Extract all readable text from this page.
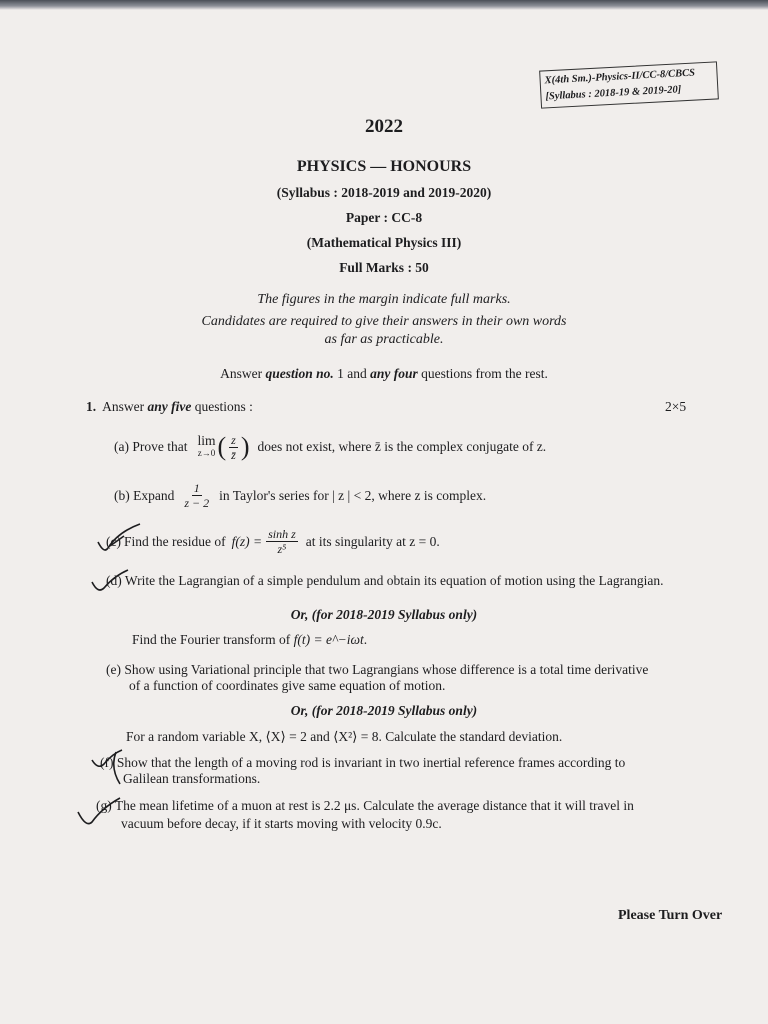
X(4th Sm.)-Physics-II/CC-8/CBCS
[Syllabus : 2018-19 & 2019-20]
2022
PHYSICS — HONOURS
(Syllabus : 2018-2019 and 2019-2020)
Paper : CC-8
(Mathematical Physics III)
Full Marks : 50
The figures in the margin indicate full marks.
Candidates are required to give their answers in their own words
as far as practicable.
Answer question no. 1 and any four questions from the rest.
1. Answer any five questions :	2×5
(a) Prove that lim
z→0 ( $\frac{z}{z̄}$ ) does not exist, where z̄ is the complex conjugate of z.
(b) Expand $\frac{1}{z - 2}$ in Taylor's series for | z | < 2, where z is complex.
(c) Find the residue of $f(z) = \frac{\text{sinh z}}{\text{z⁵}}$ at its singularity at z = 0.
(d) Write the Lagrangian of a simple pendulum and obtain its equation of motion using the Lagrangian.
Or, (for 2018-2019 Syllabus only)
Find the Fourier transform of f(t) = e^−iωt.
(e) Show using Variational principle that two Lagrangians whose difference is a total time derivative
of a function of coordinates give same equation of motion.
Or, (for 2018-2019 Syllabus only)
For a random variable X, ⟨X⟩ = 2 and ⟨X²⟩ = 8. Calculate the standard deviation.
(f) Show that the length of a moving rod is invariant in two inertial reference frames according to
Galilean transformations.
(g) The mean lifetime of a muon at rest is 2.2 μs. Calculate the average distance that it will travel in
vacuum before decay, if it starts moving with velocity 0.9c.
Please Turn Over
